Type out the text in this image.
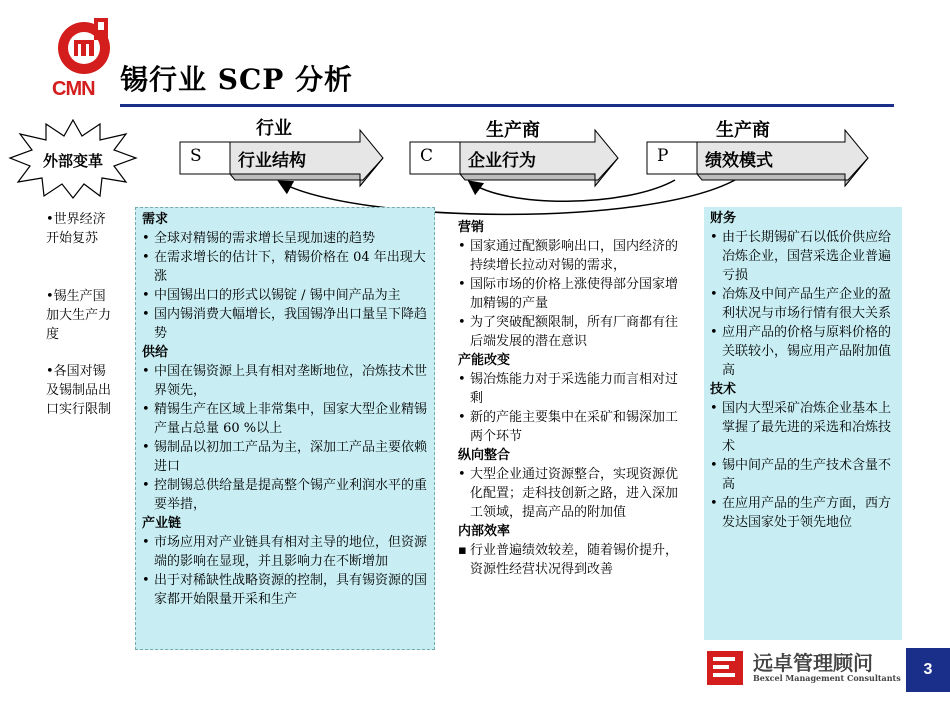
CMN 锡行业 SCP 分析
外部变革
行业	生产商	生产商
S 行业结构	C 企业行为	P 绩效模式
•世界经济开始复苏
•锡生产国加大生产力度
•各国对锡及锡制品出口实行限制
需求
• 全球对精锡的需求增长呈现加速的趋势
• 在需求增长的估计下，精锡价格在 04 年出现大涨
• 中国锡出口的形式以锡锭 / 锡中间产品为主
• 国内锡消费大幅增长，我国锡净出口量呈下降趋势
供给
• 中国在锡资源上具有相对垄断地位，冶炼技术世界领先，
• 精锡生产在区域上非常集中，国家大型企业精锡产量占总量 60 %以上
• 锡制品以初加工产品为主，深加工产品主要依赖进口
• 控制锡总供给量是提高整个锡产业利润水平的重要举措，
产业链
• 市场应用对产业链具有相对主导的地位，但资源端的影响在显现，并且影响力在不断增加
• 出于对稀缺性战略资源的控制，具有锡资源的国家都开始限量开采和生产
营销
• 国家通过配额影响出口，国内经济的持续增长拉动对锡的需求，
• 国际市场的价格上涨使得部分国家增加精锡的产量
• 为了突破配额限制，所有厂商都有往后端发展的潜在意识
产能改变
• 锡冶炼能力对于采选能力而言相对过剩
• 新的产能主要集中在采矿和锡深加工两个环节
纵向整合
• 大型企业通过资源整合，实现资源优化配置；走科技创新之路，进入深加工领域，提高产品的附加值
内部效率
▪ 行业普遍绩效较差，随着锡价提升，资源性经营状况得到改善
财务
• 由于长期锡矿石以低价供应给冶炼企业，国营采选企业普遍亏损
• 冶炼及中间产品生产企业的盈利状况与市场行情有很大关系
• 应用产品的价格与原料价格的关联较小，锡应用产品附加值高
技术
• 国内大型采矿冶炼企业基本上掌握了最先进的采选和冶炼技术
• 锡中间产品的生产技术含量不高
• 在应用产品的生产方面，西方发达国家处于领先地位
远卓管理顾问
Bexcel Management Consultants	3
